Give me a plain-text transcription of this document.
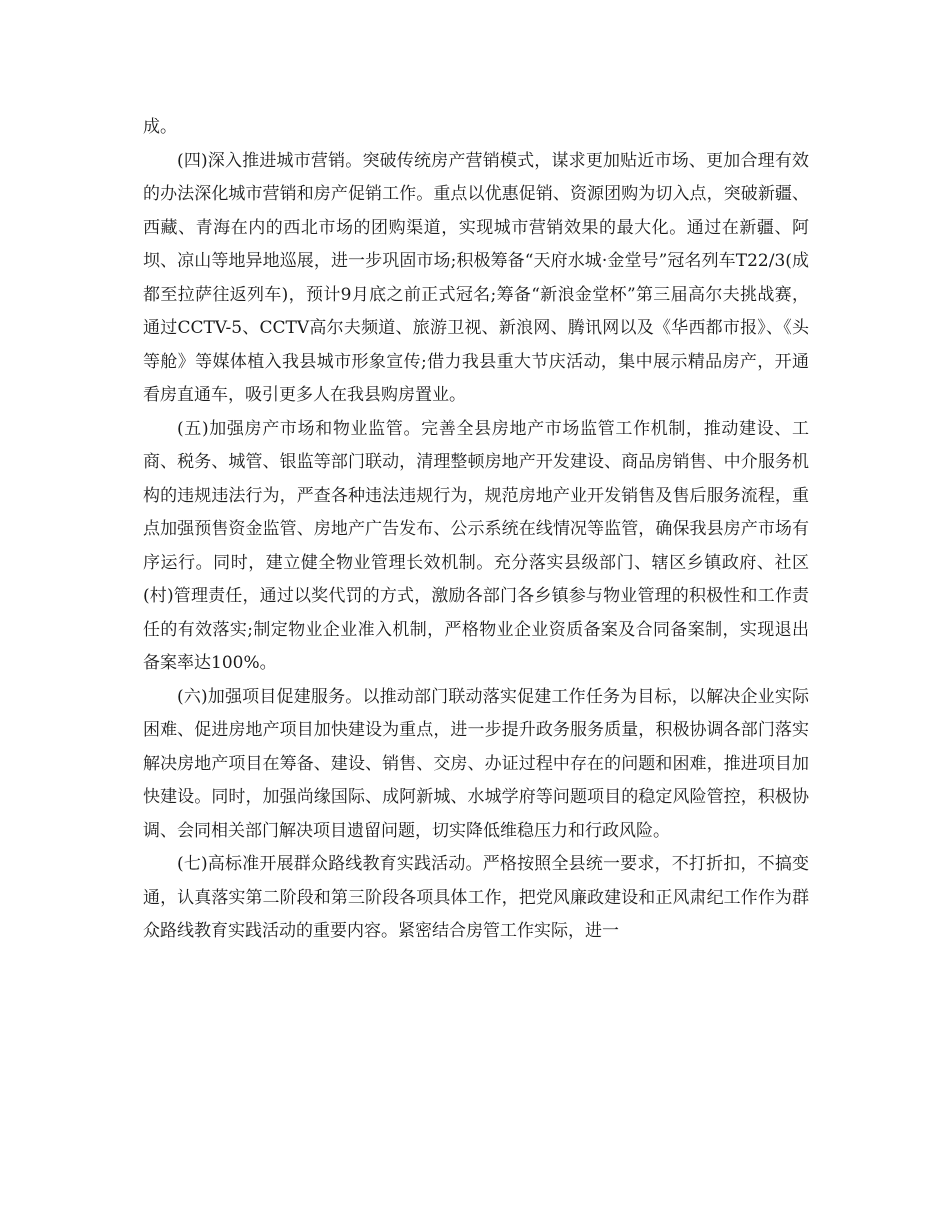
成。

(四)深入推进城市营销。突破传统房产营销模式，谋求更加贴近市场、更加合理有效的办法深化城市营销和房产促销工作。重点以优惠促销、资源团购为切入点，突破新疆、西藏、青海在内的西北市场的团购渠道，实现城市营销效果的最大化。通过在新疆、阿坝、凉山等地异地巡展，进一步巩固市场;积极筹备“天府水城·金堂号”冠名列车T22/3(成都至拉萨往返列车)，预计9月底之前正式冠名;筹备“新浪金堂杯”第三届高尔夫挑战赛，通过CCTV-5、CCTV高尔夫频道、旅游卫视、新浪网、腾讯网以及《华西都市报》、《头等舱》等媒体植入我县城市形象宣传;借力我县重大节庆活动，集中展示精品房产，开通看房直通车，吸引更多人在我县购房置业。

(五)加强房产市场和物业监管。完善全县房地产市场监管工作机制，推动建设、工商、税务、城管、银监等部门联动，清理整顿房地产开发建设、商品房销售、中介服务机构的违规违法行为，严查各种违法违规行为，规范房地产业开发销售及售后服务流程，重点加强预售资金监管、房地产广告发布、公示系统在线情况等监管，确保我县房产市场有序运行。同时，建立健全物业管理长效机制。充分落实县级部门、辖区乡镇政府、社区(村)管理责任，通过以奖代罚的方式，激励各部门各乡镇参与物业管理的积极性和工作责任的有效落实;制定物业企业准入机制，严格物业企业资质备案及合同备案制，实现退出备案率达100%。

(六)加强项目促建服务。以推动部门联动落实促建工作任务为目标，以解决企业实际困难、促进房地产项目加快建设为重点，进一步提升政务服务质量，积极协调各部门落实解决房地产项目在筹备、建设、销售、交房、办证过程中存在的问题和困难，推进项目加快建设。同时，加强尚缘国际、成阿新城、水城学府等问题项目的稳定风险管控，积极协调、会同相关部门解决项目遗留问题，切实降低维稳压力和行政风险。

(七)高标准开展群众路线教育实践活动。严格按照全县统一要求，不打折扣，不搞变通，认真落实第二阶段和第三阶段各项具体工作，把党风廉政建设和正风肃纪工作作为群众路线教育实践活动的重要内容。紧密结合房管工作实际，进一
